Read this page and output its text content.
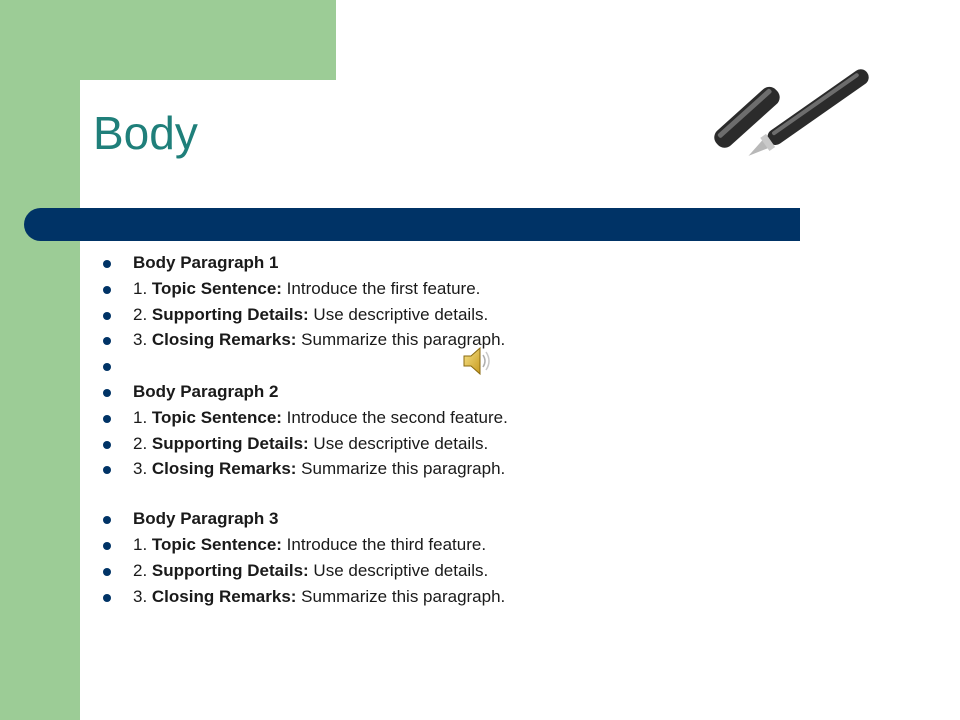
Body
Body Paragraph 1
1. Topic Sentence: Introduce the first feature.
2. Supporting Details: Use descriptive details.
3. Closing Remarks: Summarize this paragraph.
Body Paragraph 2
1. Topic Sentence: Introduce the second feature.
2. Supporting Details: Use descriptive details.
3. Closing Remarks: Summarize this paragraph.
Body Paragraph 3
1. Topic Sentence: Introduce the third feature.
2. Supporting Details: Use descriptive details.
3. Closing Remarks: Summarize this paragraph.
